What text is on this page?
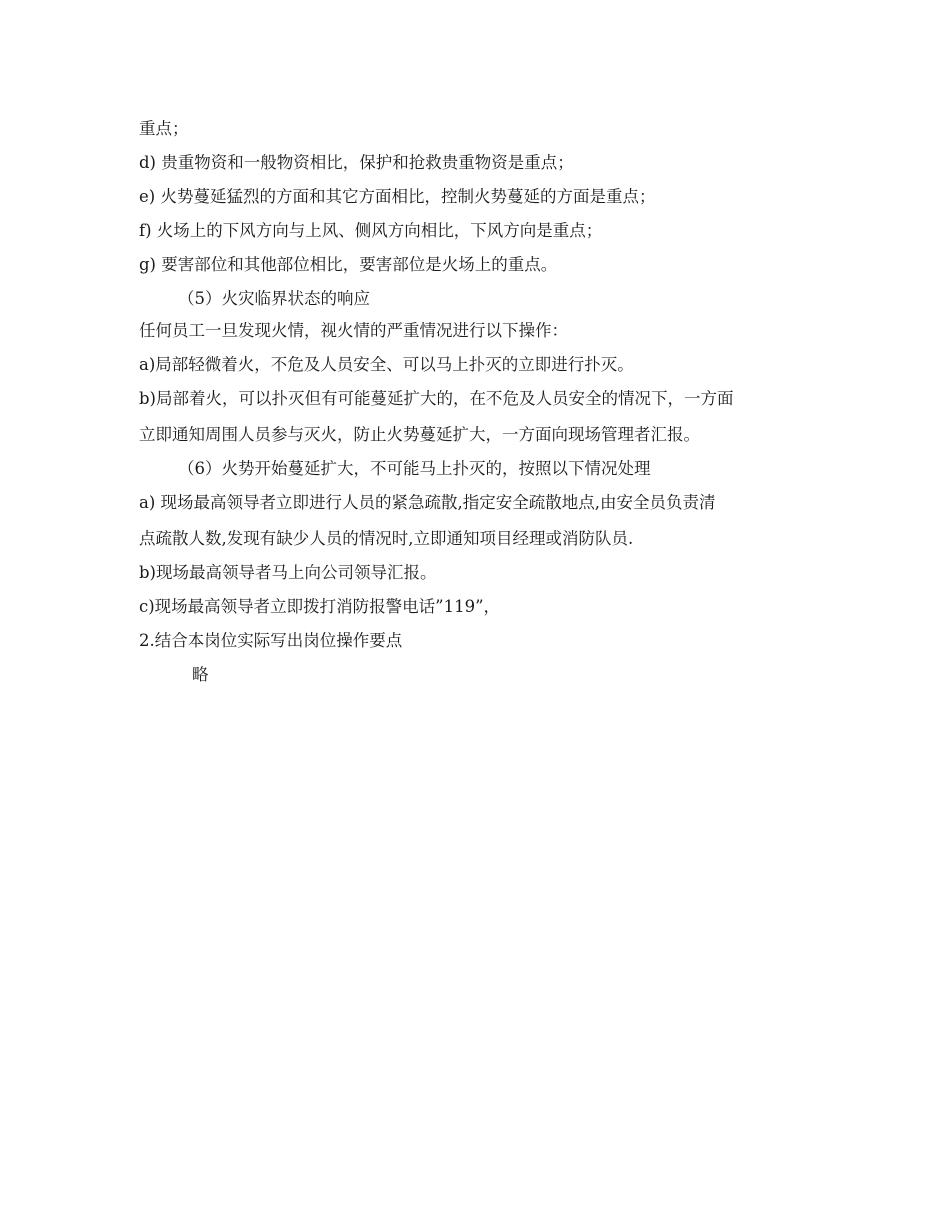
重点；
d) 贵重物资和一般物资相比，保护和抢救贵重物资是重点；
e) 火势蔓延猛烈的方面和其它方面相比，控制火势蔓延的方面是重点；
f) 火场上的下风方向与上风、侧风方向相比，下风方向是重点；
g) 要害部位和其他部位相比，要害部位是火场上的重点。
（5）火灾临界状态的响应
任何员工一旦发现火情，视火情的严重情况进行以下操作：
a)局部轻微着火，不危及人员安全、可以马上扑灭的立即进行扑灭。
b)局部着火，可以扑灭但有可能蔓延扩大的，在不危及人员安全的情况下，一方面
立即通知周围人员参与灭火，防止火势蔓延扩大，一方面向现场管理者汇报。
（6）火势开始蔓延扩大，不可能马上扑灭的，按照以下情况处理
a) 现场最高领导者立即进行人员的紧急疏散,指定安全疏散地点,由安全员负责清
点疏散人数,发现有缺少人员的情况时,立即通知项目经理或消防队员.
b)现场最高领导者马上向公司领导汇报。
c)现场最高领导者立即拨打消防报警电话”119”，
2.结合本岗位实际写出岗位操作要点
略
